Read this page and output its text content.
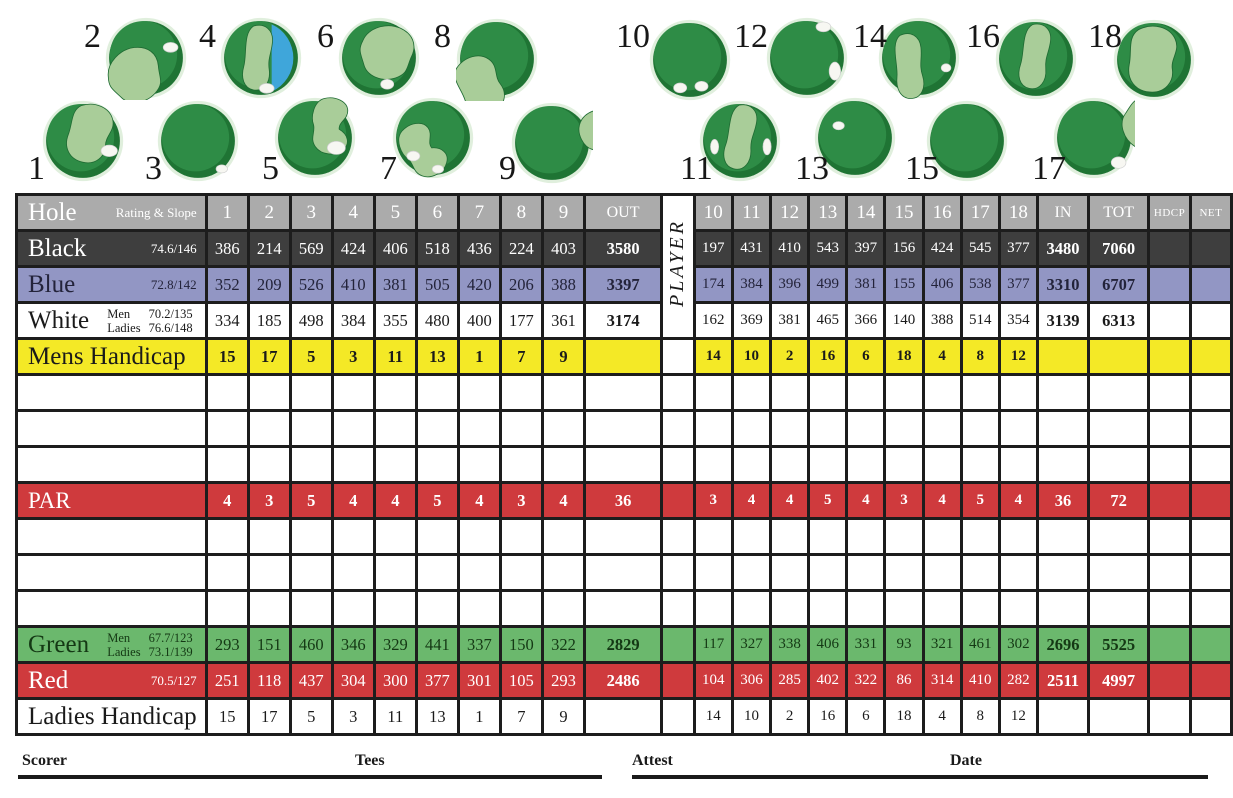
1
2
3
4
5
6
7
8
9
10
11
12
13
14
15
16
17
18
Hole Rating & Slope	1	2	3	4	5	6	7	8	9	OUT	PLAYER	10	11	12	13	14	15	16	17	18	IN	TOT	HDCP	NET

Black 74.6/146	386	214	569	424	406	518	436	224	403	3580		197	431	410	543	397	156	424	545	377	3480	7060		

Blue 72.8/142	352	209	526	410	381	505	420	206	388	3397		174	384	396	499	381	155	406	538	377	3310	6707		

White Men 70.2/135
Ladies 76.6/148	334	185	498	384	355	480	400	177	361	3174		162	369	381	465	366	140	388	514	354	3139	6313		

Mens Handicap	15	17	5	3	11	13	1	7	9			14	10	2	16	6	18	4	8	12				

PAR	4	3	5	4	4	5	4	3	4	36		3	4	4	5	4	3	4	5	4	36	72		

Green Men 67.7/123
Ladies 73.1/139	293	151	460	346	329	441	337	150	322	2829		117	327	338	406	331	93	321	461	302	2696	5525		

Red 70.5/127	251	118	437	304	300	377	301	105	293	2486		104	306	285	402	322	86	314	410	282	2511	4997		

Ladies Handicap	15	17	5	3	11	13	1	7	9			14	10	2	16	6	18	4	8	12				
Scorer	Tees	Attest	Date
